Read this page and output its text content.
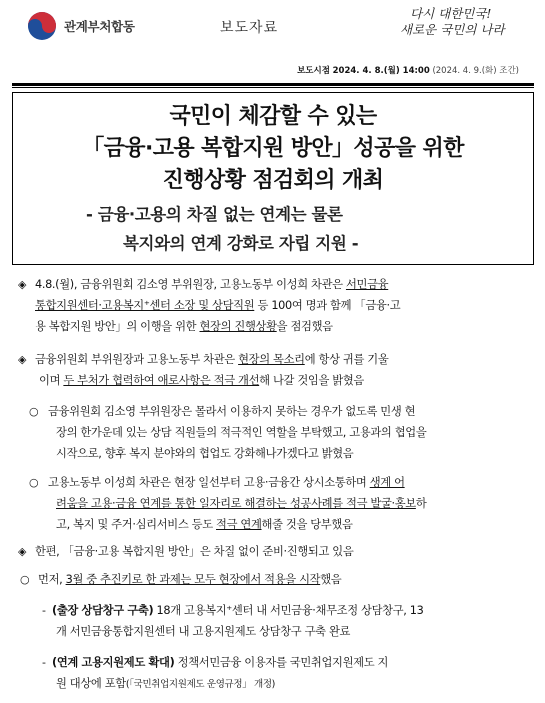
관계부처합동	보도자료
다시 대한민국!
새로운 국민의 나라
보도시점 2024. 4. 8.(월) 14:00 (2024. 4. 9.(화) 조간)
국민이 체감할 수 있는
「금융·고용 복합지원 방안」성공을 위한
진행상황 점검회의 개최
- 금융·고용의 차질 없는 연계는 물론
복지와의 연계 강화로 자립 지원 -
◈ 4.8.(월), 금융위원회 김소영 부위원장, 고용노동부 이성희 차관은 서민금융
통합지원센터·고용복지⁺센터 소장 및 상담직원 등 100여 명과 함께 「금융·고
용 복합지원 방안」의 이행을 위한 현장의 진행상황을 점검했음
◈ 금융위원회 부위원장과 고용노동부 차관은 현장의 목소리에 항상 귀를 기울
이며 두 부처가 협력하여 애로사항은 적극 개선해 나갈 것임을 밝혔음
○ 금융위원회 김소영 부위원장은 몰라서 이용하지 못하는 경우가 없도록 민생 현
장의 한가운데 있는 상담 직원들의 적극적인 역할을 부탁했고, 고용과의 협업을
시작으로, 향후 복지 분야와의 협업도 강화해나가겠다고 밝혔음
○ 고용노동부 이성희 차관은 현장 일선부터 고용·금융간 상시소통하며 생계 어
려움을 고용·금융 연계를 통한 일자리로 해결하는 성공사례를 적극 발굴·홍보하
고, 복지 및 주거·심리서비스 등도 적극 연계해줄 것을 당부했음
◈ 한편, 「금융·고용 복합지원 방안」은 차질 없이 준비·진행되고 있음
○ 먼저, 3월 중 추진키로 한 과제는 모두 현장에서 적용을 시작했음
- (출장 상담창구 구축) 18개 고용복지⁺센터 내 서민금융·채무조정 상담창구, 13
개 서민금융통합지원센터 내 고용지원제도 상담창구 구축 완료
- (연계 고용지원제도 확대) 정책서민금융 이용자를 국민취업지원제도 지
원 대상에 포함(「국민취업지원제도 운영규정」 개정)
